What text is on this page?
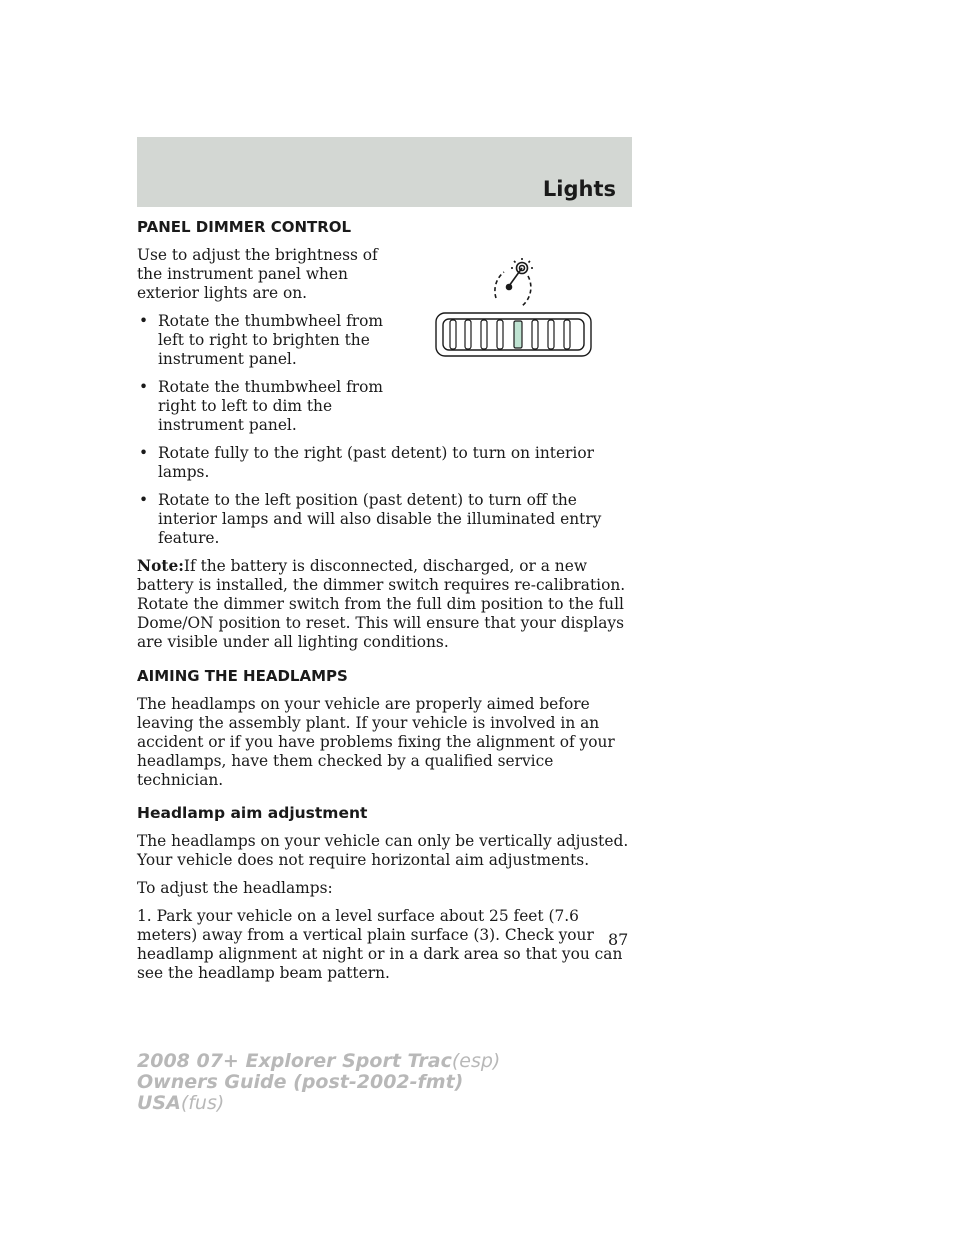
Lights
PANEL DIMMER CONTROL

Use to adjust the brightness of the instrument panel when exterior lights are on.

• Rotate the thumbwheel from left to right to brighten the instrument panel.
• Rotate the thumbwheel from right to left to dim the instrument panel.
• Rotate fully to the right (past detent) to turn on interior lamps.
• Rotate to the left position (past detent) to turn off the interior lamps and will also disable the illuminated entry feature.

Note:If the battery is disconnected, discharged, or a new battery is installed, the dimmer switch requires re-calibration. Rotate the dimmer switch from the full dim position to the full Dome/ON position to reset. This will ensure that your displays are visible under all lighting conditions.

AIMING THE HEADLAMPS

The headlamps on your vehicle are properly aimed before leaving the assembly plant. If your vehicle is involved in an accident or if you have problems fixing the alignment of your headlamps, have them checked by a qualified service technician.

Headlamp aim adjustment

The headlamps on your vehicle can only be vertically adjusted. Your vehicle does not require horizontal aim adjustments.

To adjust the headlamps:

1. Park your vehicle on a level surface about 25 feet (7.6 meters) away from a vertical plain surface (3). Check your headlamp alignment at night or in a dark area so that you can see the headlamp beam pattern.

87
2008 07+ Explorer Sport Trac(esp)
Owners Guide (post-2002-fmt)
USA(fus)
